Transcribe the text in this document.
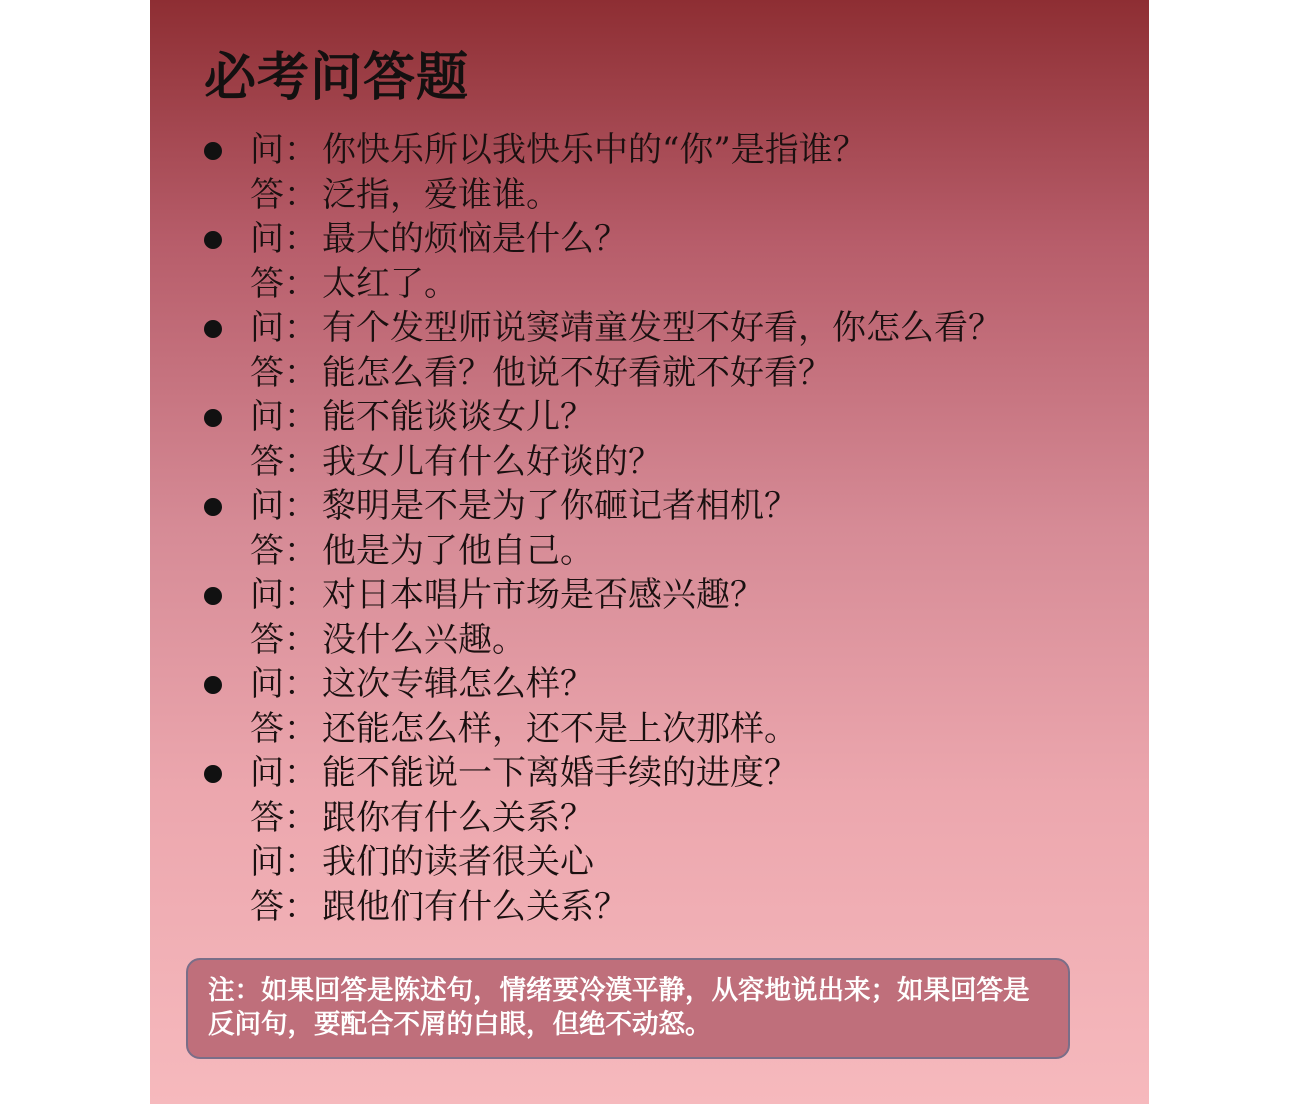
必考问答题
问： 你快乐所以我快乐中的“你”是指谁？
答： 泛指，爱谁谁。
问： 最大的烦恼是什么？
答： 太红了。
问： 有个发型师说窦靖童发型不好看，你怎么看？
答： 能怎么看？他说不好看就不好看？
问： 能不能谈谈女儿？
答： 我女儿有什么好谈的？
问： 黎明是不是为了你砸记者相机？
答： 他是为了他自己。
问： 对日本唱片市场是否感兴趣？
答： 没什么兴趣。
问： 这次专辑怎么样？
答： 还能怎么样，还不是上次那样。
问： 能不能说一下离婚手续的进度？
答： 跟你有什么关系？
问： 我们的读者很关心
答： 跟他们有什么关系？
注：如果回答是陈述句，情绪要冷漠平静，从容地说出来；如果回答是反问句，要配合不屑的白眼，但绝不动怒。
